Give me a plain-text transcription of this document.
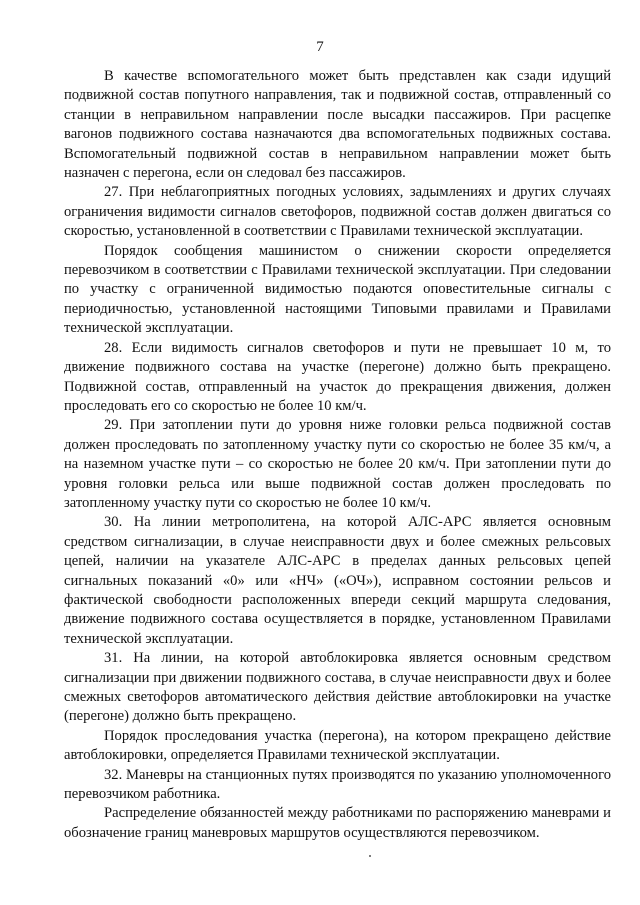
7

В качестве вспомогательного может быть представлен как сзади идущий подвижной состав попутного направления, так и подвижной состав, отправленный со станции в неправильном направлении после высадки пассажиров. При расцепке вагонов подвижного состава назначаются два вспомогательных подвижных состава. Вспомогательный подвижной состав в неправильном направлении может быть назначен с перегона, если он следовал без пассажиров.

27. При неблагоприятных погодных условиях, задымлениях и других случаях ограничения видимости сигналов светофоров, подвижной состав должен двигаться со скоростью, установленной в соответствии с Правилами технической эксплуатации.

Порядок сообщения машинистом о снижении скорости определяется перевозчиком в соответствии с Правилами технической эксплуатации. При следовании по участку с ограниченной видимостью подаются оповестительные сигналы с периодичностью, установленной настоящими Типовыми правилами и Правилами технической эксплуатации.

28. Если видимость сигналов светофоров и пути не превышает 10 м, то движение подвижного состава на участке (перегоне) должно быть прекращено. Подвижной состав, отправленный на участок до прекращения движения, должен проследовать его со скоростью не более 10 км/ч.

29. При затоплении пути до уровня ниже головки рельса подвижной состав должен проследовать по затопленному участку пути со скоростью не более 35 км/ч, а на наземном участке пути – со скоростью не более 20 км/ч. При затоплении пути до уровня головки рельса или выше подвижной состав должен проследовать по затопленному участку пути со скоростью не более 10 км/ч.

30. На линии метрополитена, на которой АЛС-АРС является основным средством сигнализации, в случае неисправности двух и более смежных рельсовых цепей, наличии на указателе АЛС-АРС в пределах данных рельсовых цепей сигнальных показаний «0» или «НЧ» («ОЧ»), исправном состоянии рельсов и фактической свободности расположенных впереди секций маршрута следования, движение подвижного состава осуществляется в порядке, установленном Правилами технической эксплуатации.

31. На линии, на которой автоблокировка является основным средством сигнализации при движении подвижного состава, в случае неисправности двух и более смежных светофоров автоматического действия действие автоблокировки на участке (перегоне) должно быть прекращено.

Порядок проследования участка (перегона), на котором прекращено действие автоблокировки, определяется Правилами технической эксплуатации.

32. Маневры на станционных путях производятся по указанию уполномоченного перевозчиком работника.

Распределение обязанностей между работниками по распоряжению маневрами и обозначение границ маневровых маршрутов осуществляются перевозчиком.
